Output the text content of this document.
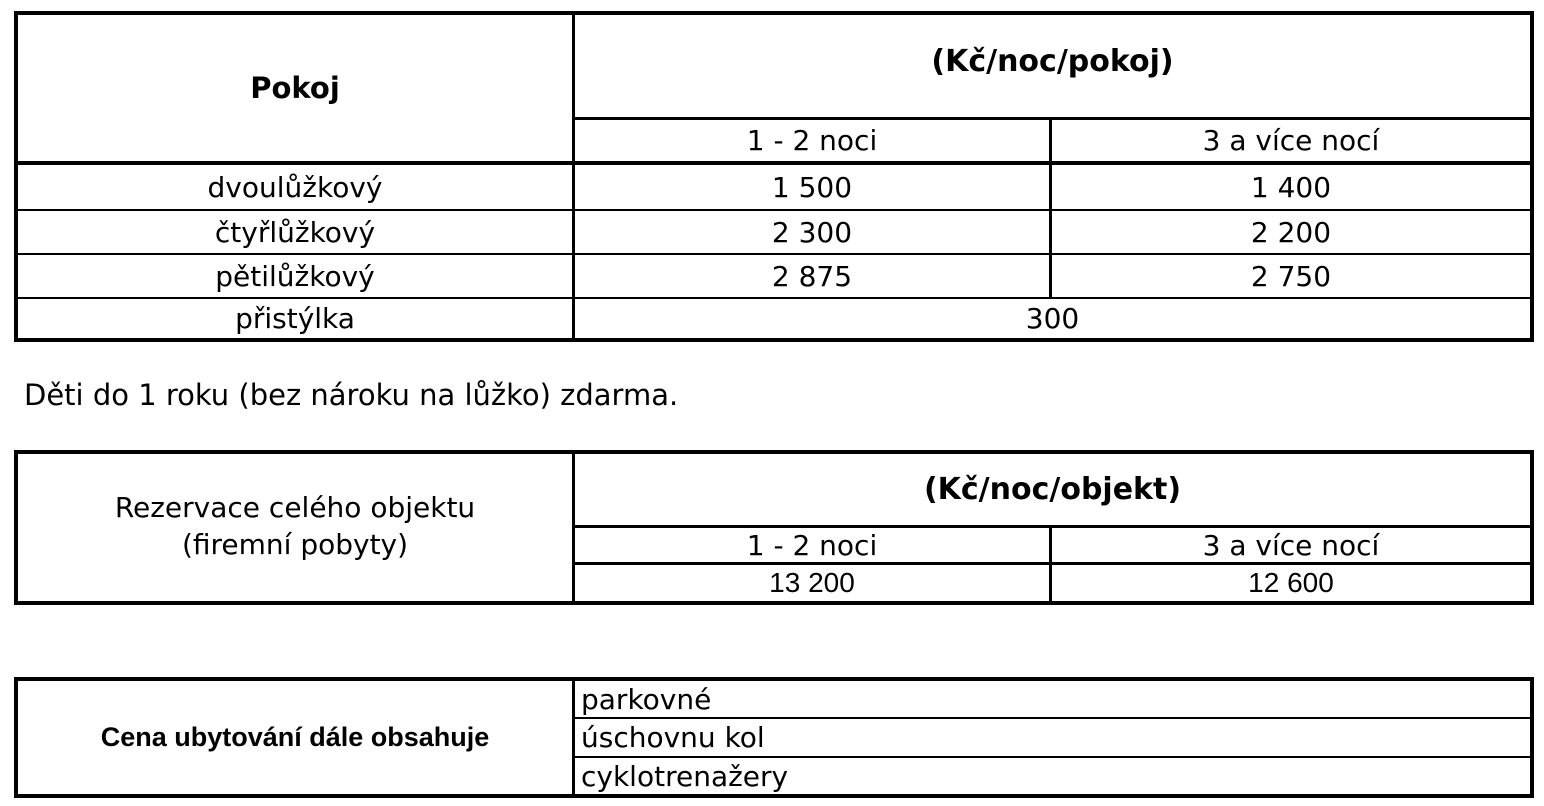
Pokoj
(Kč/noc/pokoj)
1 - 2 noci	3 a více nocí
dvoulůžkový	1 500	1 400
čtyřlůžkový	2 300	2 200
pětilůžkový	2 875	2 750
přistýlka	300
Děti do 1 roku (bez nároku na lůžko) zdarma.
Rezervace celého objektu
(firemní pobyty)
(Kč/noc/objekt)
1 - 2 noci	3 a více nocí
13 200	12 600
Cena ubytování dále obsahuje
parkovné
úschovnu kol
cyklotrenažery
